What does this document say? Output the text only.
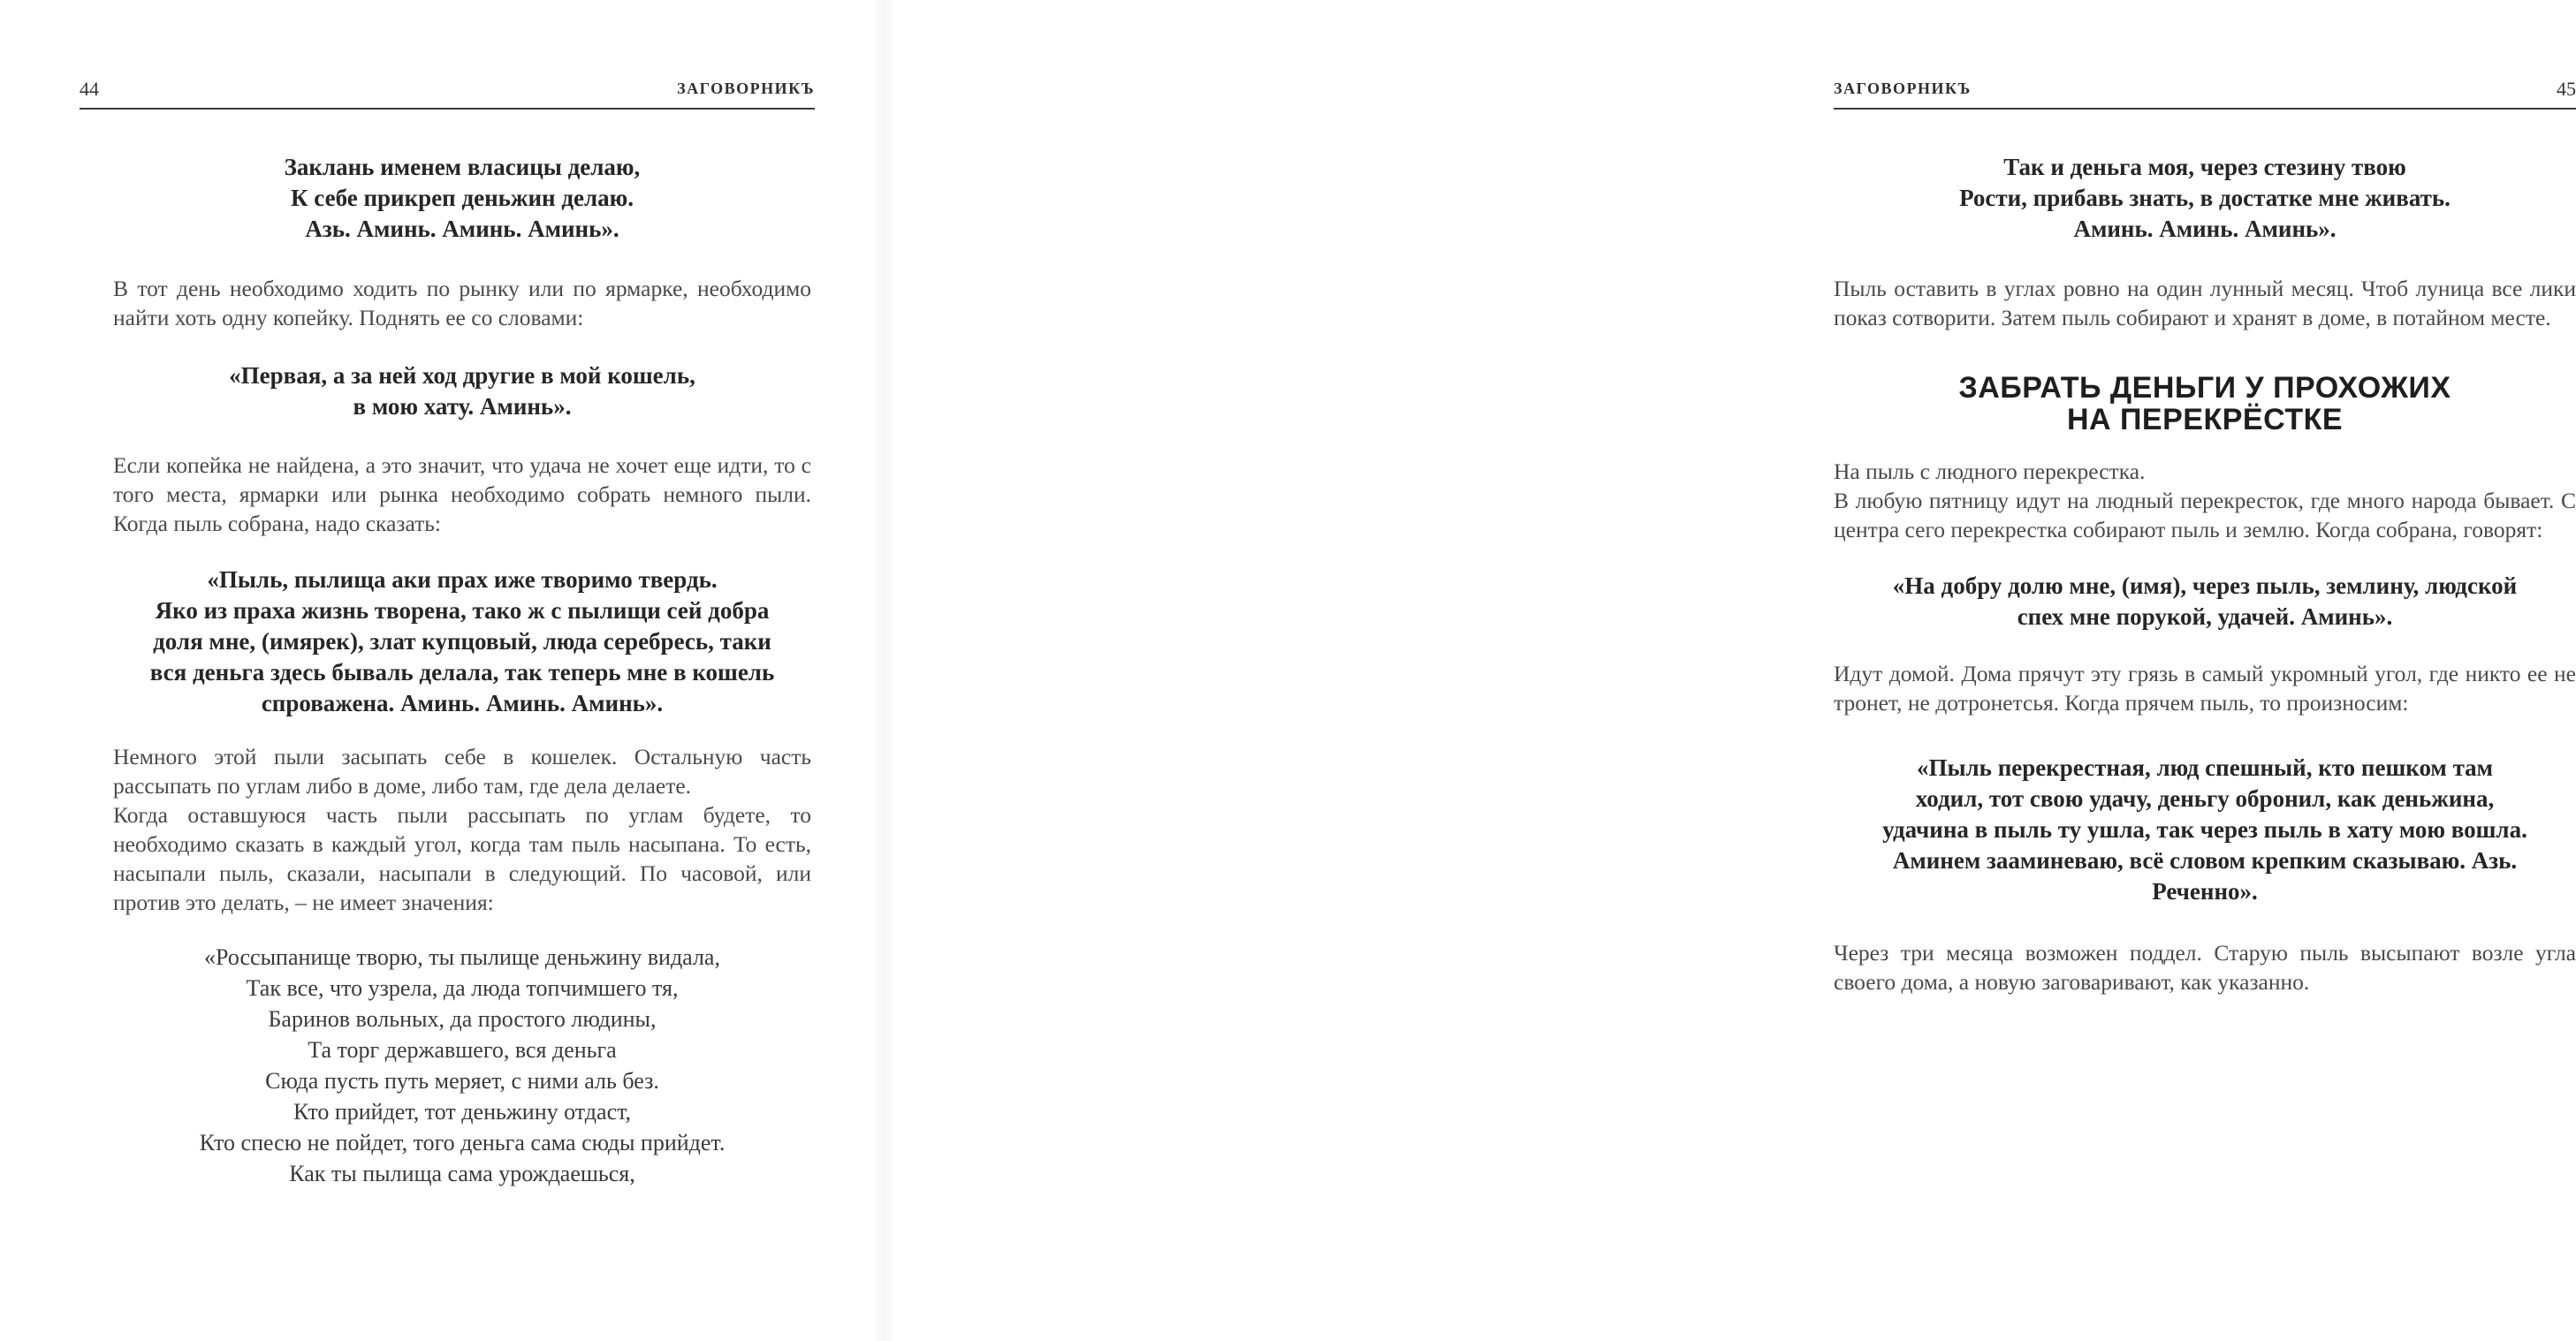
44	ЗАГОВОРНИКЪ

Заклань именем власицы делаю,
К себе прикреп деньжин делаю.
Азь. Аминь. Аминь. Аминь».

В тот день необходимо ходить по рынку или по ярмарке, необходимо найти хоть одну копейку. Поднять ее со словами:

«Первая, а за ней ход другие в мой кошель,
в мою хату. Аминь».

Если копейка не найдена, а это значит, что удача не хочет еще идти, то с того места, ярмарки или рынка необходимо собрать немного пыли. Когда пыль собрана, надо сказать:

«Пыль, пылища аки прах иже творимо твердь.
Яко из праха жизнь творена, тако ж с пылищи сей добра
доля мне, (имярек), злат купцовый, люда серебресь, таки
вся деньга здесь бываль делала, так теперь мне в кошель
спроважена. Аминь. Аминь. Аминь».

Немного этой пыли засыпать себе в кошелек. Остальную часть рассыпать по углам либо в доме, либо там, где дела делаете.

Когда оставшуюся часть пыли рассыпать по углам будете, то необходимо сказать в каждый угол, когда там пыль насыпана. То есть, насыпали пыль, сказали, насыпали в следующий. По часовой, или против это делать, – не имеет значения:

«Россыпанище творю, ты пылище деньжину видала,
Так все, что узрела, да люда топчимшего тя,
Баринов вольных, да простого людины,
Та торг державшего, вся деньга
Сюда пусть путь меряет, с ними аль без.
Кто прийдет, тот деньжину отдаст,
Кто спесю не пойдет, того деньга сама сюды прийдет.
Как ты пылища сама урождаешься,

ЗАГОВОРНИКЪ	45

Так и деньга моя, через стезину твою
Рости, прибавь знать, в достатке мне живать.
Аминь. Аминь. Аминь».

Пыль оставить в углах ровно на один лунный месяц. Чтоб луница все лики показ сотворити. Затем пыль собирают и хранят в доме, в потайном месте.

ЗАБРАТЬ ДЕНЬГИ У ПРОХОЖИХ
НА ПЕРЕКРЁСТКЕ

На пыль с людного перекрестка.

В любую пятницу идут на людный перекресток, где много народа бывает. С центра сего перекрестка собирают пыль и землю. Когда собрана, говорят:

«На добру долю мне, (имя), через пыль, землину, людской
спех мне порукой, удачей. Аминь».

Идут домой. Дома прячут эту грязь в самый укромный угол, где никто ее не тронет, не дотронетсья. Когда прячем пыль, то произносим:

«Пыль перекрестная, люд спешный, кто пешком там
ходил, тот свою удачу, деньгу обронил, как деньжина,
удачина в пыль ту ушла, так через пыль в хату мою вошла.
Аминем зааминеваю, всё словом крепким сказываю. Азь.
Реченно».

Через три месяца возможен поддел. Старую пыль высыпают возле угла своего дома, а новую заговаривают, как указанно.
